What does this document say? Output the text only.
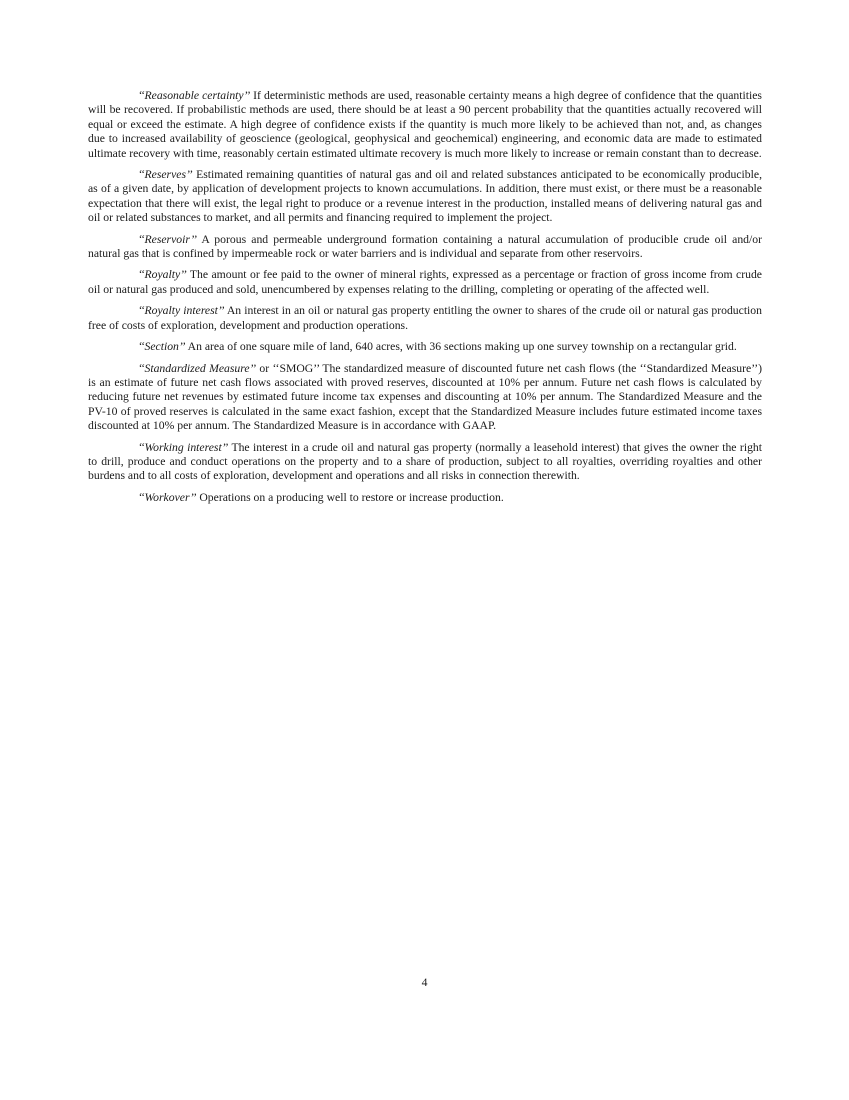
‘‘Reasonable certainty’’ If deterministic methods are used, reasonable certainty means a high degree of confidence that the quantities will be recovered. If probabilistic methods are used, there should be at least a 90 percent probability that the quantities actually recovered will equal or exceed the estimate. A high degree of confidence exists if the quantity is much more likely to be achieved than not, and, as changes due to increased availability of geoscience (geological, geophysical and geochemical) engineering, and economic data are made to estimated ultimate recovery with time, reasonably certain estimated ultimate recovery is much more likely to increase or remain constant than to decrease.

‘‘Reserves’’ Estimated remaining quantities of natural gas and oil and related substances anticipated to be economically producible, as of a given date, by application of development projects to known accumulations. In addition, there must exist, or there must be a reasonable expectation that there will exist, the legal right to produce or a revenue interest in the production, installed means of delivering natural gas and oil or related substances to market, and all permits and financing required to implement the project.

‘‘Reservoir’’ A porous and permeable underground formation containing a natural accumulation of producible crude oil and/or natural gas that is confined by impermeable rock or water barriers and is individual and separate from other reservoirs.

‘‘Royalty’’ The amount or fee paid to the owner of mineral rights, expressed as a percentage or fraction of gross income from crude oil or natural gas produced and sold, unencumbered by expenses relating to the drilling, completing or operating of the affected well.

‘‘Royalty interest’’ An interest in an oil or natural gas property entitling the owner to shares of the crude oil or natural gas production free of costs of exploration, development and production operations.

‘‘Section’’ An area of one square mile of land, 640 acres, with 36 sections making up one survey township on a rectangular grid.

‘‘Standardized Measure’’ or ‘‘SMOG’’ The standardized measure of discounted future net cash flows (the ‘‘Standardized Measure’’) is an estimate of future net cash flows associated with proved reserves, discounted at 10% per annum. Future net cash flows is calculated by reducing future net revenues by estimated future income tax expenses and discounting at 10% per annum. The Standardized Measure and the PV-10 of proved reserves is calculated in the same exact fashion, except that the Standardized Measure includes future estimated income taxes discounted at 10% per annum. The Standardized Measure is in accordance with GAAP.

‘‘Working interest’’ The interest in a crude oil and natural gas property (normally a leasehold interest) that gives the owner the right to drill, produce and conduct operations on the property and to a share of production, subject to all royalties, overriding royalties and other burdens and to all costs of exploration, development and operations and all risks in connection therewith.

‘‘Workover’’ Operations on a producing well to restore or increase production.

4
